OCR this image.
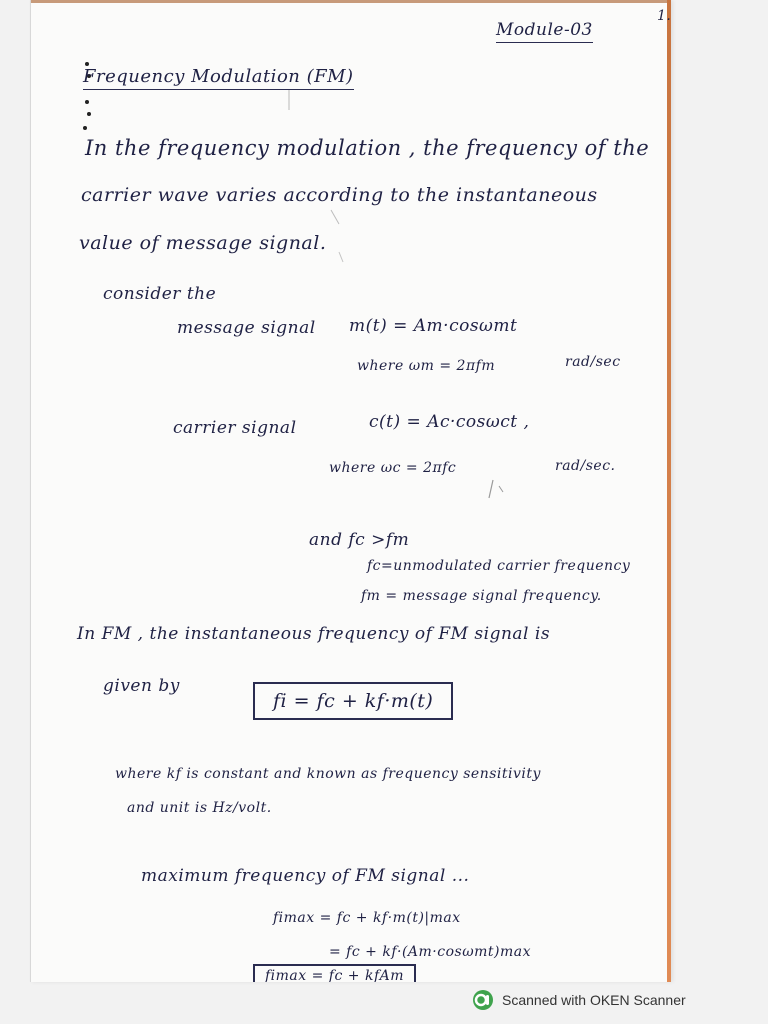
1.
Module-03
Frequency Modulation (FM)
In the frequency modulation , the frequency of the
carrier wave varies according to the instantaneous
value of message signal.
consider the
message signal m(t) = Am·cosωmt
where ωm = 2πfm	rad/sec
carrier signal	c(t) = Ac·cosωct ,
where ωc = 2πfc	rad/sec.
and fc >fm
fc=unmodulated carrier frequency
fm = message signal frequency.
In FM , the instantaneous frequency of FM signal is
given by
fi = fc + kf·m(t)
where kf is constant and known as frequency sensitivity
and unit is Hz/volt.
maximum frequency of FM signal ...
fimax = fc + kf·m(t)|max
= fc + kf·(Am·cosωmt)max
fimax = fc + kfAm
Scanned with OKEN Scanner
